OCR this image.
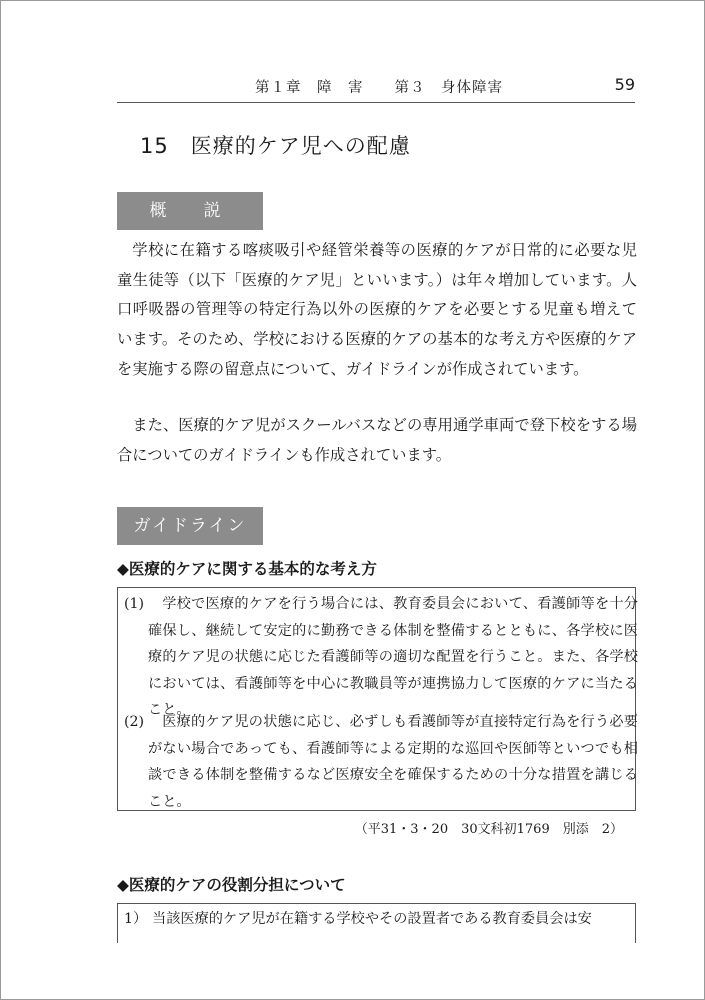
第１章　障　害　　第３　身体障害	59
15　医療的ケア児への配慮
概　説

学校に在籍する喀痰吸引や経管栄養等の医療的ケアが日常的に必要な児童生徒等（以下「医療的ケア児」といいます。）は年々増加しています。人口呼吸器の管理等の特定行為以外の医療的ケアを必要とする児童も増えています。そのため、学校における医療的ケアの基本的な考え方や医療的ケアを実施する際の留意点について、ガイドラインが作成されています。

また、医療的ケア児がスクールバスなどの専用通学車両で登下校をする場合についてのガイドラインも作成されています。

ガイドライン
◆医療的ケアに関する基本的な考え方
(1)	学校で医療的ケアを行う場合には、教育委員会において、看護師等を十分確保し、継続して安定的に勤務できる体制を整備するとともに、各学校に医療的ケア児の状態に応じた看護師等の適切な配置を行うこと。また、各学校においては、看護師等を中心に教職員等が連携協力して医療的ケアに当たること。
(2)	医療的ケア児の状態に応じ、必ずしも看護師等が直接特定行為を行う必要がない場合であっても、看護師等による定期的な巡回や医師等といつでも相談できる体制を整備するなど医療安全を確保するための十分な措置を講じること。
（平31・3・20　30文科初1769　別添　2）
◆医療的ケアの役割分担について
1） 当該医療的ケア児が在籍する学校やその設置者である教育委員会は安
